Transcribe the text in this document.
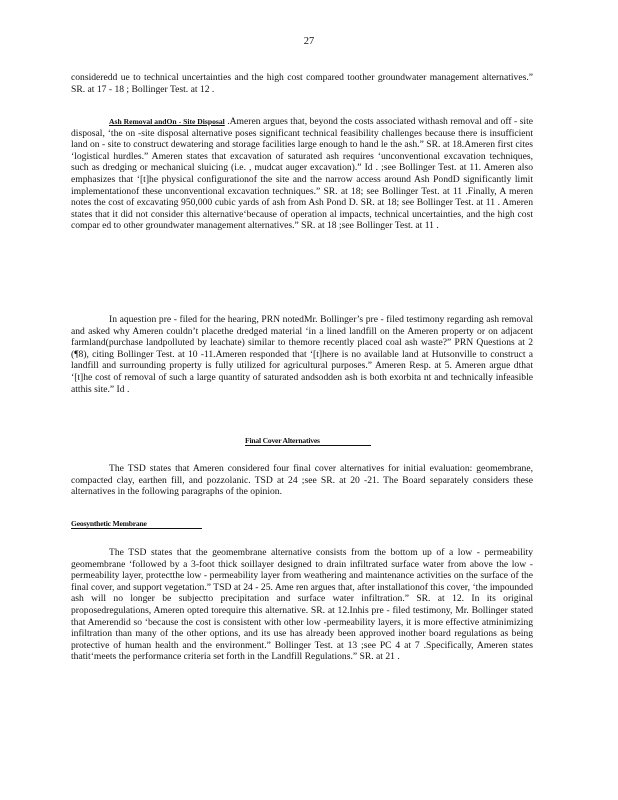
27

consideredd ue to technical uncertainties and the high cost compared toother groundwater management alternatives.” SR. at 17 - 18 ; Bollinger Test. at 12 .

Ash Removal andOn - Site Disposal .Ameren argues that, beyond the costs associated withash removal and off - site disposal, ‘the on -site disposal alternative poses significant technical feasibility challenges because there is insufficient land on - site to construct dewatering and storage facilities large enough to hand le the ash.” SR. at 18.Ameren first cites ‘logistical hurdles.” Ameren states that excavation of saturated ash requires ‘unconventional excavation techniques, such as dredging or mechanical sluicing (i.e. , mudcat auger excavation).” Id . ;see Bollinger Test. at 11. Ameren also emphasizes that ‘[t]he physical configurationof the site and the narrow access around Ash PondD significantly limit implementationof these unconventional excavation techniques.” SR. at 18; see Bollinger Test. at 11 .Finally, A meren notes the cost of excavating 950,000 cubic yards of ash from Ash Pond D. SR. at 18; see Bollinger Test. at 11 . Ameren states that it did not consider this alternative‘because of operation al impacts, technical uncertainties, and the high cost compar ed to other groundwater management alternatives.” SR. at 18 ;see Bollinger Test. at 11 .

In aquestion pre - filed for the hearing, PRN notedMr. Bollinger’s pre - filed testimony regarding ash removal and asked why Ameren couldn’t placethe dredged material ‘in a lined landfill on the Ameren property or on adjacent farmland(purchase landpolluted by leachate) similar to themore recently placed coal ash waste?” PRN Questions at 2 (¶8), citing Bollinger Test. at 10 -11.Ameren responded that ‘[t]here is no available land at Hutsonville to construct a landfill and surrounding property is fully utilized for agricultural purposes.” Ameren Resp. at 5. Ameren argue dthat ‘[t]he cost of removal of such a large quantity of saturated andsodden ash is both exorbita nt and technically infeasible atthis site.” Id .

Final Cover Alternatives

The TSD states that Ameren considered four final cover alternatives for initial evaluation: geomembrane, compacted clay, earthen fill, and pozzolanic. TSD at 24 ;see SR. at 20 -21. The Board separately considers these alternatives in the following paragraphs of the opinion.

Geosynthetic Membrane

The TSD states that the geomembrane alternative consists from the bottom up of a low - permeability geomembrane ‘followed by a 3-foot thick soillayer designed to drain infiltrated surface water from above the low - permeability layer, protectthe low - permeability layer from weathering and maintenance activities on the surface of the final cover, and support vegetation.” TSD at 24 - 25. Ame ren argues that, after installationof this cover, ‘the impounded ash will no longer be subjectto precipitation and surface water infiltration.” SR. at 12. In its original proposedregulations, Ameren opted torequire this alternative. SR. at 12.Inhis pre - filed testimony, Mr. Bollinger stated that Amerendid so ‘because the cost is consistent with other low -permeability layers, it is more effective atminimizing infiltration than many of the other options, and its use has already been approved inother board regulations as being protective of human health and the environment.” Bollinger Test. at 13 ;see PC 4 at 7 .Specifically, Ameren states thatit‘meets the performance criteria set forth in the Landfill Regulations.” SR. at 21 .
